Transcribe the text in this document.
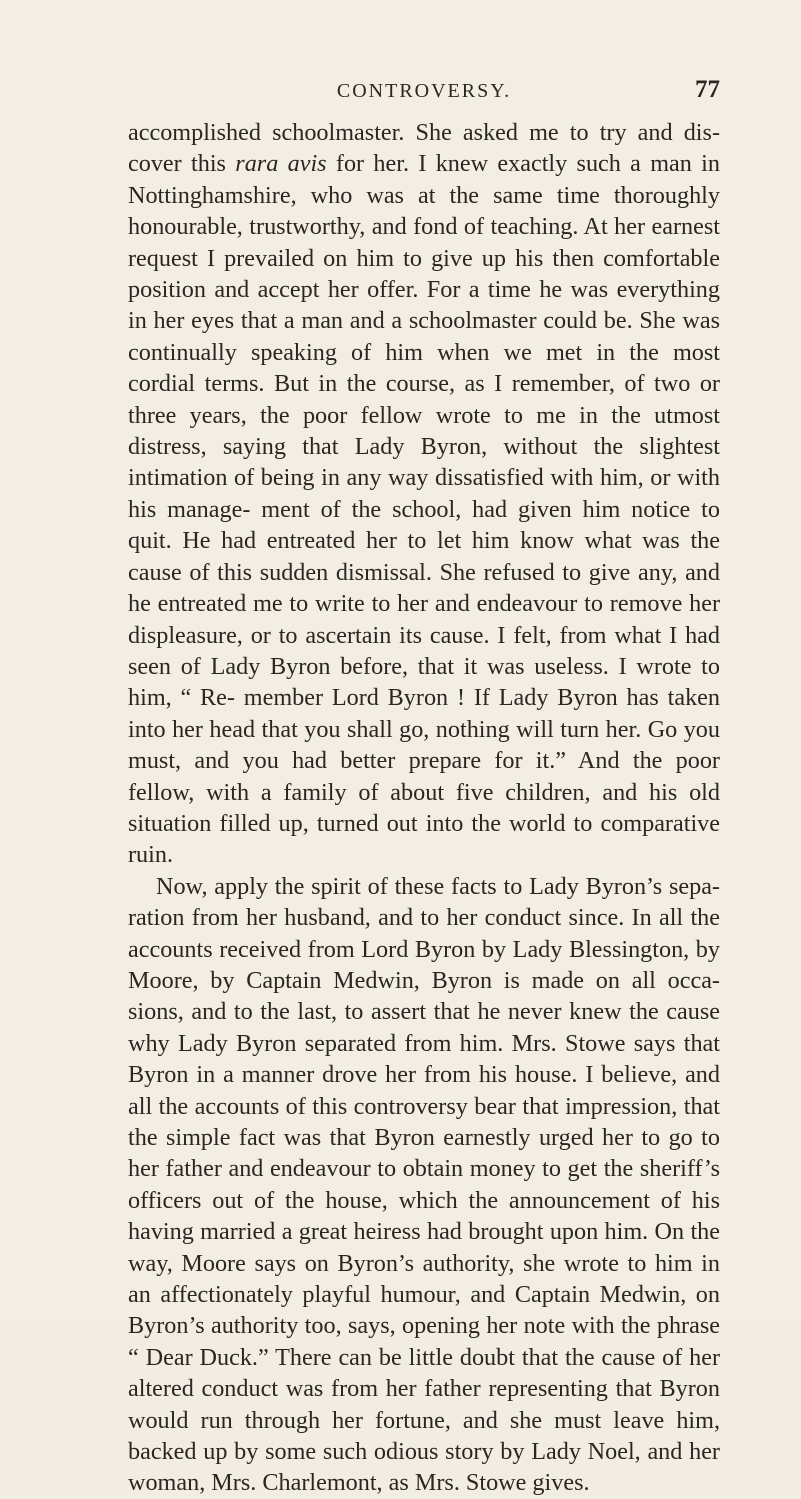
CONTROVERSY.	77

accomplished schoolmaster. She asked me to try and dis- cover this rara avis for her. I knew exactly such a man in Nottinghamshire, who was at the same time thoroughly honourable, trustworthy, and fond of teaching. At her earnest request I prevailed on him to give up his then comfortable position and accept her offer. For a time he was everything in her eyes that a man and a schoolmaster could be. She was continually speaking of him when we met in the most cordial terms. But in the course, as I remember, of two or three years, the poor fellow wrote to me in the utmost distress, saying that Lady Byron, without the slightest intimation of being in any way dissatisfied with him, or with his manage- ment of the school, had given him notice to quit. He had entreated her to let him know what was the cause of this sudden dismissal. She refused to give any, and he entreated me to write to her and endeavour to remove her displeasure, or to ascertain its cause. I felt, from what I had seen of Lady Byron before, that it was useless. I wrote to him, “ Re- member Lord Byron ! If Lady Byron has taken into her head that you shall go, nothing will turn her. Go you must, and you had better prepare for it.” And the poor fellow, with a family of about five children, and his old situation filled up, turned out into the world to comparative ruin.

Now, apply the spirit of these facts to Lady Byron’s sepa- ration from her husband, and to her conduct since. In all the accounts received from Lord Byron by Lady Blessington, by Moore, by Captain Medwin, Byron is made on all occa- sions, and to the last, to assert that he never knew the cause why Lady Byron separated from him. Mrs. Stowe says that Byron in a manner drove her from his house. I believe, and all the accounts of this controversy bear that impression, that the simple fact was that Byron earnestly urged her to go to her father and endeavour to obtain money to get the sheriff’s officers out of the house, which the announcement of his having married a great heiress had brought upon him. On the way, Moore says on Byron’s authority, she wrote to him in an affectionately playful humour, and Captain Medwin, on Byron’s authority too, says, opening her note with the phrase “ Dear Duck.” There can be little doubt that the cause of her altered conduct was from her father representing that Byron would run through her fortune, and she must leave him, backed up by some such odious story by Lady Noel, and her woman, Mrs. Charlemont, as Mrs. Stowe gives.
